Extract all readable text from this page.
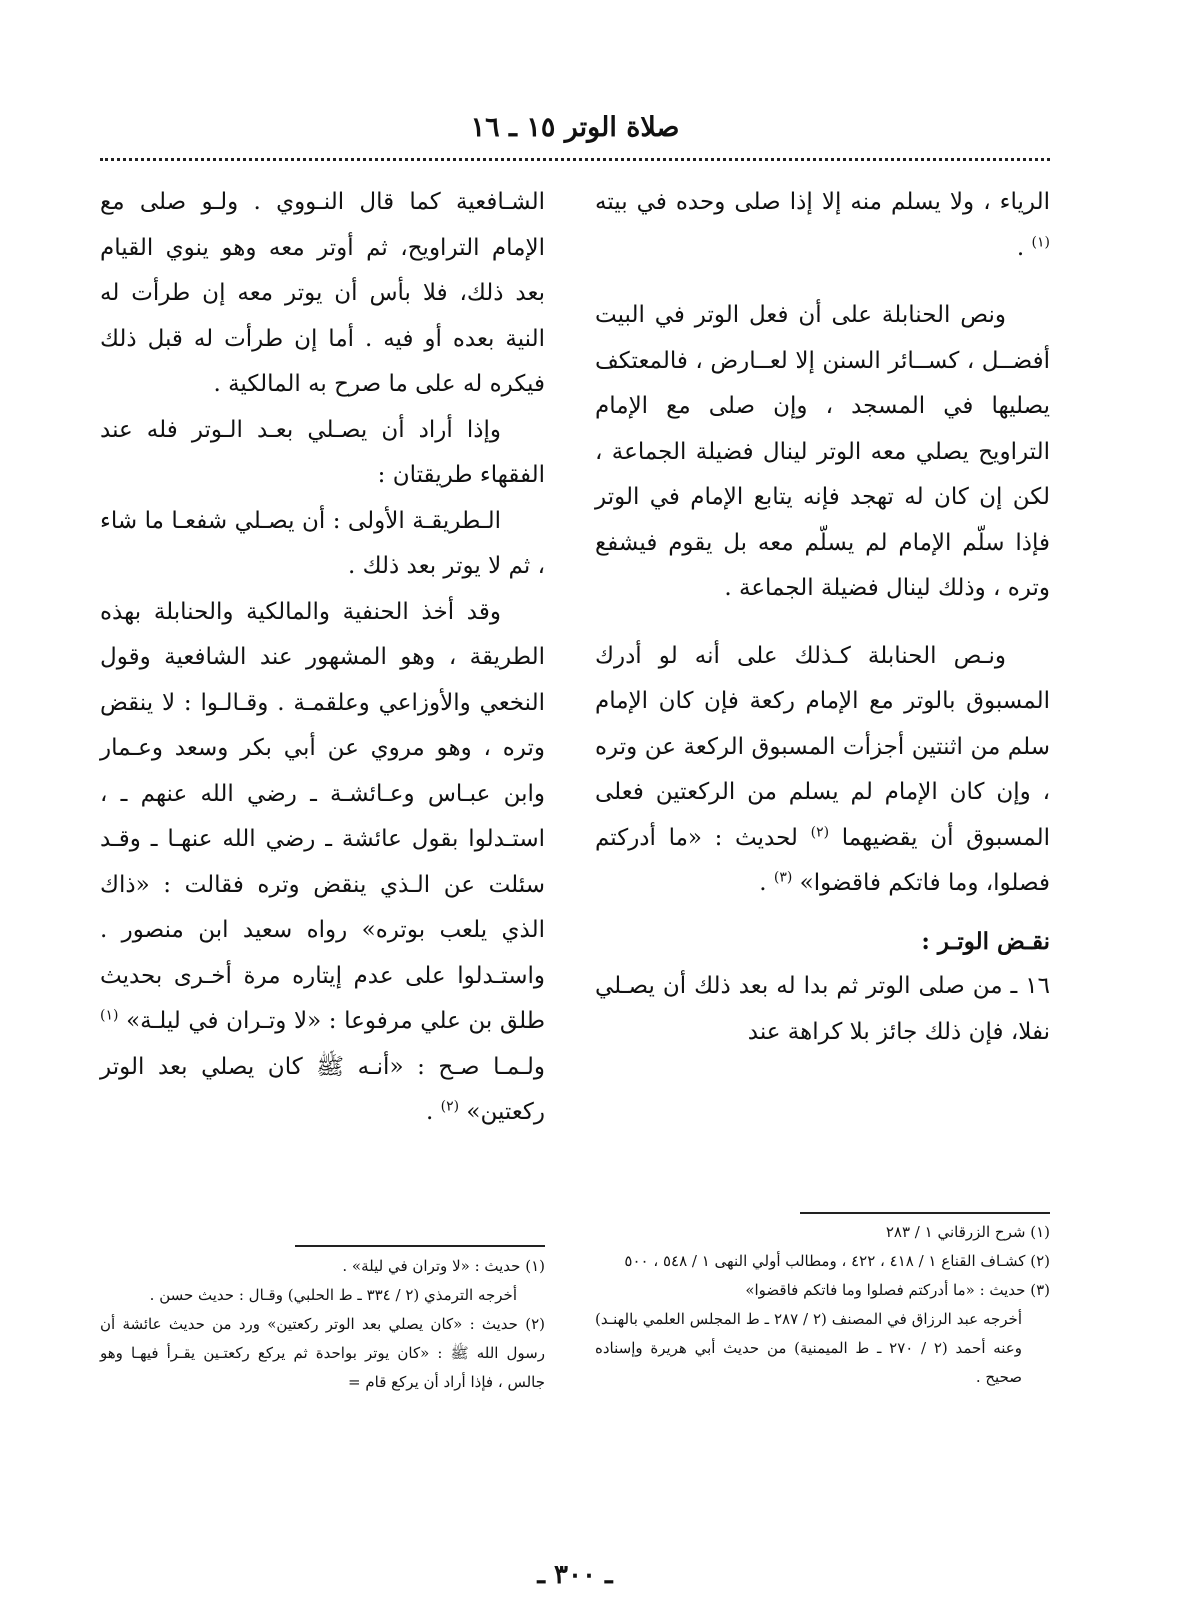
صلاة الوتر ١٥ ـ ١٦

الرياء ، ولا يسلم منه إلا إذا صلى وحده في بيته $^{(١)}$ .

ونص الحنابلة على أن فعل الوتر في البيت أفضــل ، كســائر السنن إلا لعــارض ، فالمعتكف يصليها في المسجد ، وإن صلى مع الإمام التراويح يصلي معه الوتر لينال فضيلة الجماعة ، لكن إن كان له تهجد فإنه يتابع الإمام في الوتر فإذا سلّم الإمام لم يسلّم معه بل يقوم فيشفع وتره ، وذلك لينال فضيلة الجماعة .

ونـص الحنابلة كـذلك على أنه لو أدرك المسبوق بالوتر مع الإمام ركعة فإن كان الإمام سلم من اثنتين أجزأت المسبوق الركعة عن وتره ، وإن كان الإمام لم يسلم من الركعتين فعلى المسبوق أن يقضيهما $^{(٢)}$ لحديث : «ما أدركتم فصلوا، وما فاتكم فاقضوا» $^{(٣)}$ .

نقـض الوتـر :

١٦ ـ من صلى الوتر ثم بدا له بعد ذلك أن يصـلي نفلا، فإن ذلك جائز بلا كراهة عند

الشـافعية كما قال النـووي . ولـو صلى مع الإمام التراويح، ثم أوتر معه وهو ينوي القيام بعد ذلك، فلا بأس أن يوتر معه إن طرأت له النية بعده أو فيه . أما إن طرأت له قبل ذلك فيكره له على ما صرح به المالكية .

وإذا أراد أن يصـلي بعـد الـوتر فله عند الفقهاء طريقتان :

الـطريقـة الأولى : أن يصـلي شفعـا ما شاء ، ثم لا يوتر بعد ذلك .

وقد أخذ الحنفية والمالكية والحنابلة بهذه الطريقة ، وهو المشهور عند الشافعية وقول النخعي والأوزاعي وعلقمـة . وقـالـوا : لا ينقض وتره ، وهو مروي عن أبي بكر وسعد وعـمار وابن عبـاس وعـائشـة ـ رضي الله عنهم ـ ، استـدلوا بقول عائشة ـ رضي الله عنهـا ـ وقـد سئلت عن الـذي ينقض وتره فقالت : «ذاك الذي يلعب بوتره» رواه سعيد ابن منصور . واستـدلوا على عدم إيتاره مرة أخـرى بحديث طلق بن علي مرفوعا : «لا وتـران في ليلـة» $^{(١)}$ ولـمـا صـح : «أنـه ﷺ كان يصلي بعد الوتر ركعتين» $^{(٢)}$ .

(١) شرح الزرقاني ١ / ٢٨٣

(٢) كشـاف القناع ١ / ٤١٨ ، ٤٢٢ ، ومطالب أولي النهى ١ / ٥٤٨ ، ٥٠٠

(٣) حديث : «ما أدركتم فصلوا وما فاتكم فاقضوا»

أخرجه عبد الرزاق في المصنف (٢ / ٢٨٧ ـ ط المجلس العلمي بالهنـد) وعنه أحمد (٢ / ٢٧٠ ـ ط الميمنية) من حديث أبي هريرة وإسناده صحيح .

(١) حديث : «لا وتران في ليلة» .

أخرجه الترمذي (٢ / ٣٣٤ ـ ط الحلبي) وقـال : حديث حسن .

(٢) حديث : «كان يصلي بعد الوتر ركعتين» ورد من حديث عائشة أن رسول الله ﷺ : «كان يوتر بواحدة ثم يركع ركعتـين يقـرأ فيهـا وهو جالس ، فإذا أراد أن يركع قام =

ـ ٣٠٠ ـ
